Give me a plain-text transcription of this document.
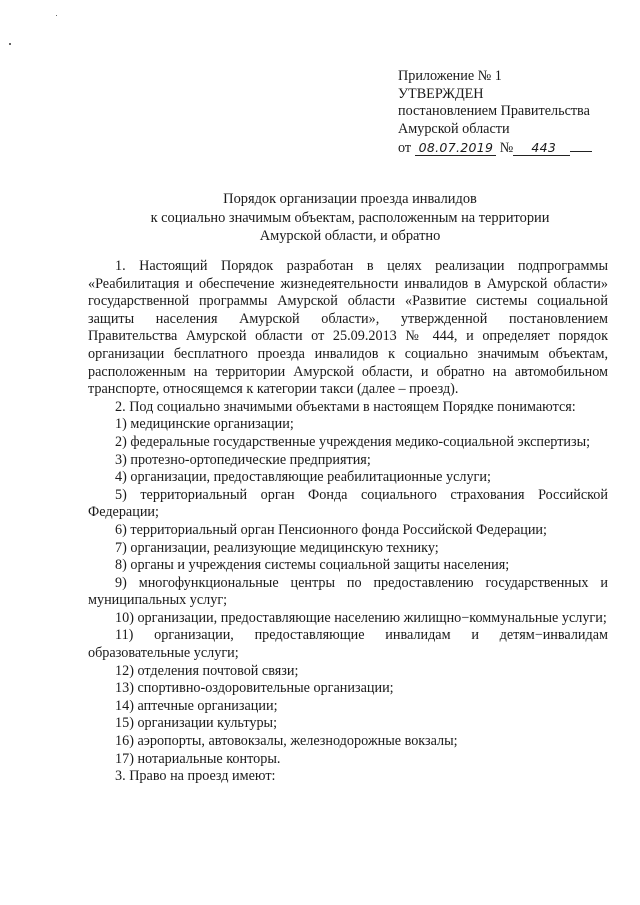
Приложение № 1
УТВЕРЖДЕН
постановлением Правительства
Амурской области
от 08.07.2019 № 443
Порядок организации проезда инвалидов
к социально значимым объектам, расположенным на территории
Амурской области, и обратно

1. Настоящий Порядок разработан в целях реализации подпрограммы «Реабилитация и обеспечение жизнедеятельности инвалидов в Амурской области» государственной программы Амурской области «Развитие системы социальной защиты населения Амурской области», утвержденной постановлением Правительства Амурской области от 25.09.2013 № 444, и определяет порядок организации бесплатного проезда инвалидов к социально значимым объектам, расположенным на территории Амурской области, и обратно на автомобильном транспорте, относящемся к категории такси (далее – проезд).

2. Под социально значимыми объектами в настоящем Порядке понимаются:

1) медицинские организации;

2) федеральные государственные учреждения медико-социальной экспертизы;

3) протезно-ортопедические предприятия;

4) организации, предоставляющие реабилитационные услуги;

5) территориальный орган Фонда социального страхования Российской Федерации;

6) территориальный орган Пенсионного фонда Российской Федерации;

7) организации, реализующие медицинскую технику;

8) органы и учреждения системы социальной защиты населения;

9) многофункциональные центры по предоставлению государственных и муниципальных услуг;

10) организации, предоставляющие населению жилищно−коммунальные услуги;

11) организации, предоставляющие инвалидам и детям−инвалидам образовательные услуги;

12) отделения почтовой связи;

13) спортивно-оздоровительные организации;

14) аптечные организации;

15) организации культуры;

16) аэропорты, автовокзалы, железнодорожные вокзалы;

17) нотариальные конторы.

3. Право на проезд имеют:
